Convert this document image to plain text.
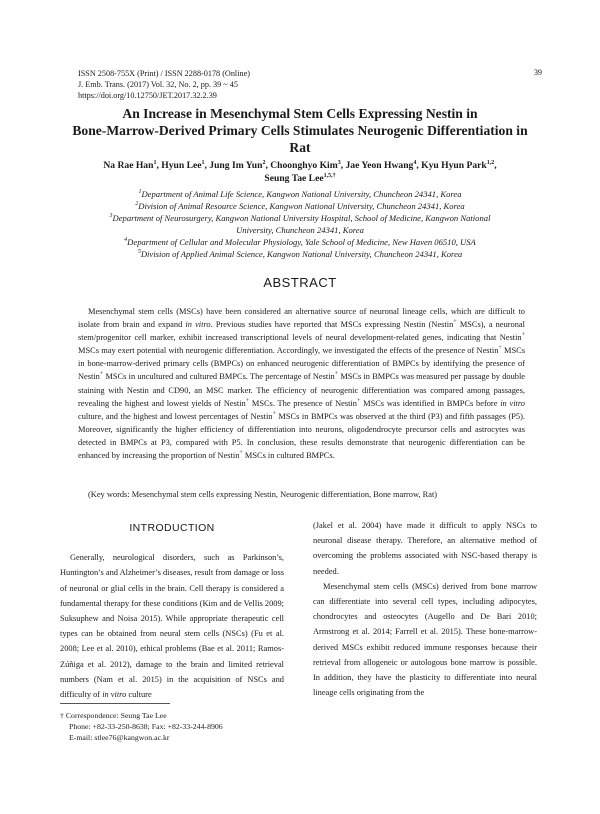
ISSN 2508-755X (Print) / ISSN 2288-0178 (Online)
J. Emb. Trans. (2017) Vol. 32, No. 2, pp. 39 ~ 45
https://doi.org/10.12750/JET.2017.32.2.39
39
An Increase in Mesenchymal Stem Cells Expressing Nestin in
Bone-Marrow-Derived Primary Cells Stimulates Neurogenic Differentiation in
Rat
Na Rae Han$^1$, Hyun Lee$^1$, Jung Im Yun$^2$, Choonghyo Kim$^3$, Jae Yeon Hwang$^4$, Kyu Hyun Park$^{1,2}$,
Seung Tae Lee$^{1,5,\dagger}$
$^1$Department of Animal Life Science, Kangwon National University, Chuncheon 24341, Korea
$^2$Division of Animal Resource Science, Kangwon National University, Chuncheon 24341, Korea
$^3$Department of Neurosurgery, Kangwon National University Hospital, School of Medicine, Kangwon National
University, Chuncheon 24341, Korea
$^4$Department of Cellular and Molecular Physiology, Yale School of Medicine, New Haven 06510, USA
$^5$Division of Applied Animal Science, Kangwon National University, Chuncheon 24341, Korea
ABSTRACT
Mesenchymal stem cells (MSCs) have been considered an alternative source of neuronal lineage cells, which are difficult to isolate from brain and expand in vitro. Previous studies have reported that MSCs expressing Nestin (Nestin+ MSCs), a neuronal stem/progenitor cell marker, exhibit increased transcriptional levels of neural development-related genes, indicating that Nestin+ MSCs may exert potential with neurogenic differentiation. Accordingly, we investigated the effects of the presence of Nestin+ MSCs in bone-marrow-derived primary cells (BMPCs) on enhanced neurogenic differentiation of BMPCs by identifying the presence of Nestin+ MSCs in uncultured and cultured BMPCs. The percentage of Nestin+ MSCs in BMPCs was measured per passage by double staining with Nestin and CD90, an MSC marker. The efficiency of neurogenic differentiation was compared among passages, revealing the highest and lowest yields of Nestin+ MSCs. The presence of Nestin+ MSCs was identified in BMPCs before in vitro culture, and the highest and lowest percentages of Nestin+ MSCs in BMPCs was observed at the third (P3) and fifth passages (P5). Moreover, significantly the higher efficiency of differentiation into neurons, oligodendrocyte precursor cells and astrocytes was detected in BMPCs at P3, compared with P5. In conclusion, these results demonstrate that neurogenic differentiation can be enhanced by increasing the proportion of Nestin+ MSCs in cultured BMPCs.
(Key words: Mesenchymal stem cells expressing Nestin, Neurogenic differentiation, Bone marrow, Rat)
INTRODUCTION

Generally, neurological disorders, such as Parkinson’s, Huntington’s and Alzheimer’s diseases, result from damage or loss of neuronal or glial cells in the brain. Cell therapy is considered a fundamental therapy for these conditions (Kim and de Vellis 2009; Suksuphew and Noisa 2015). While appropriate therapeutic cell types can be obtained from neural stem cells (NSCs) (Fu et al. 2008; Lee et al. 2010), ethical problems (Bae et al. 2011; Ramos-Zúñiga et al. 2012), damage to the brain and limited retrieval numbers (Nam et al. 2015) in the acquisition of NSCs and difficulty of in vitro culture

(Jakel et al. 2004) have made it difficult to apply NSCs to neuronal disease therapy. Therefore, an alternative method of overcoming the problems associated with NSC-based therapy is needed.

Mesenchymal stem cells (MSCs) derived from bone marrow can differentiate into several cell types, including adipocytes, chondrocytes and osteocytes (Augello and De Bari 2010; Armstrong et al. 2014; Farrell et al. 2015). These bone-marrow-derived MSCs exhibit reduced immune responses because their retrieval from allogeneic or autologous bone marrow is possible. In addition, they have the plasticity to differentiate into neural lineage cells originating from the

† Correspondence: Seung Tae Lee
Phone: +82-33-250-8638; Fax: +82-33-244-8906
E-mail: stlee76@kangwon.ac.kr
